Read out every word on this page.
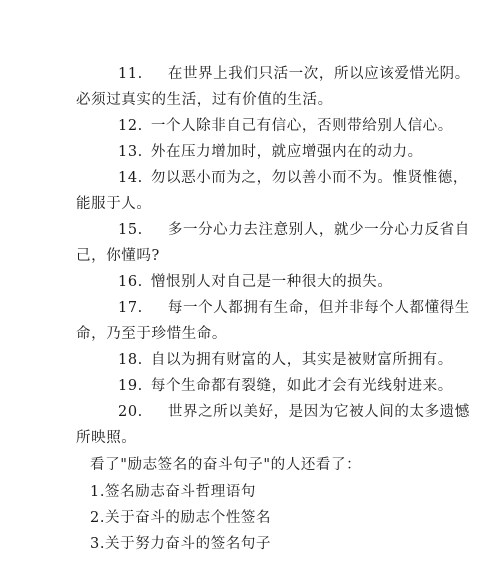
11. 在世界上我们只活一次，所以应该爱惜光阴。
必须过真实的生活，过有价值的生活。
12. 一个人除非自己有信心，否则带给别人信心。
13. 外在压力增加时，就应增强内在的动力。
14. 勿以恶小而为之，勿以善小而不为。惟贤惟德，
能服于人。
15. 多一分心力去注意别人，就少一分心力反省自
己，你懂吗?
16. 憎恨别人对自己是一种很大的损失。
17. 每一个人都拥有生命，但并非每个人都懂得生
命，乃至于珍惜生命。
18. 自以为拥有财富的人，其实是被财富所拥有。
19. 每个生命都有裂缝，如此才会有光线射进来。
20. 世界之所以美好，是因为它被人间的太多遗憾
所映照。
看了"励志签名的奋斗句子"的人还看了：
1.签名励志奋斗哲理语句
2.关于奋斗的励志个性签名
3.关于努力奋斗的签名句子
